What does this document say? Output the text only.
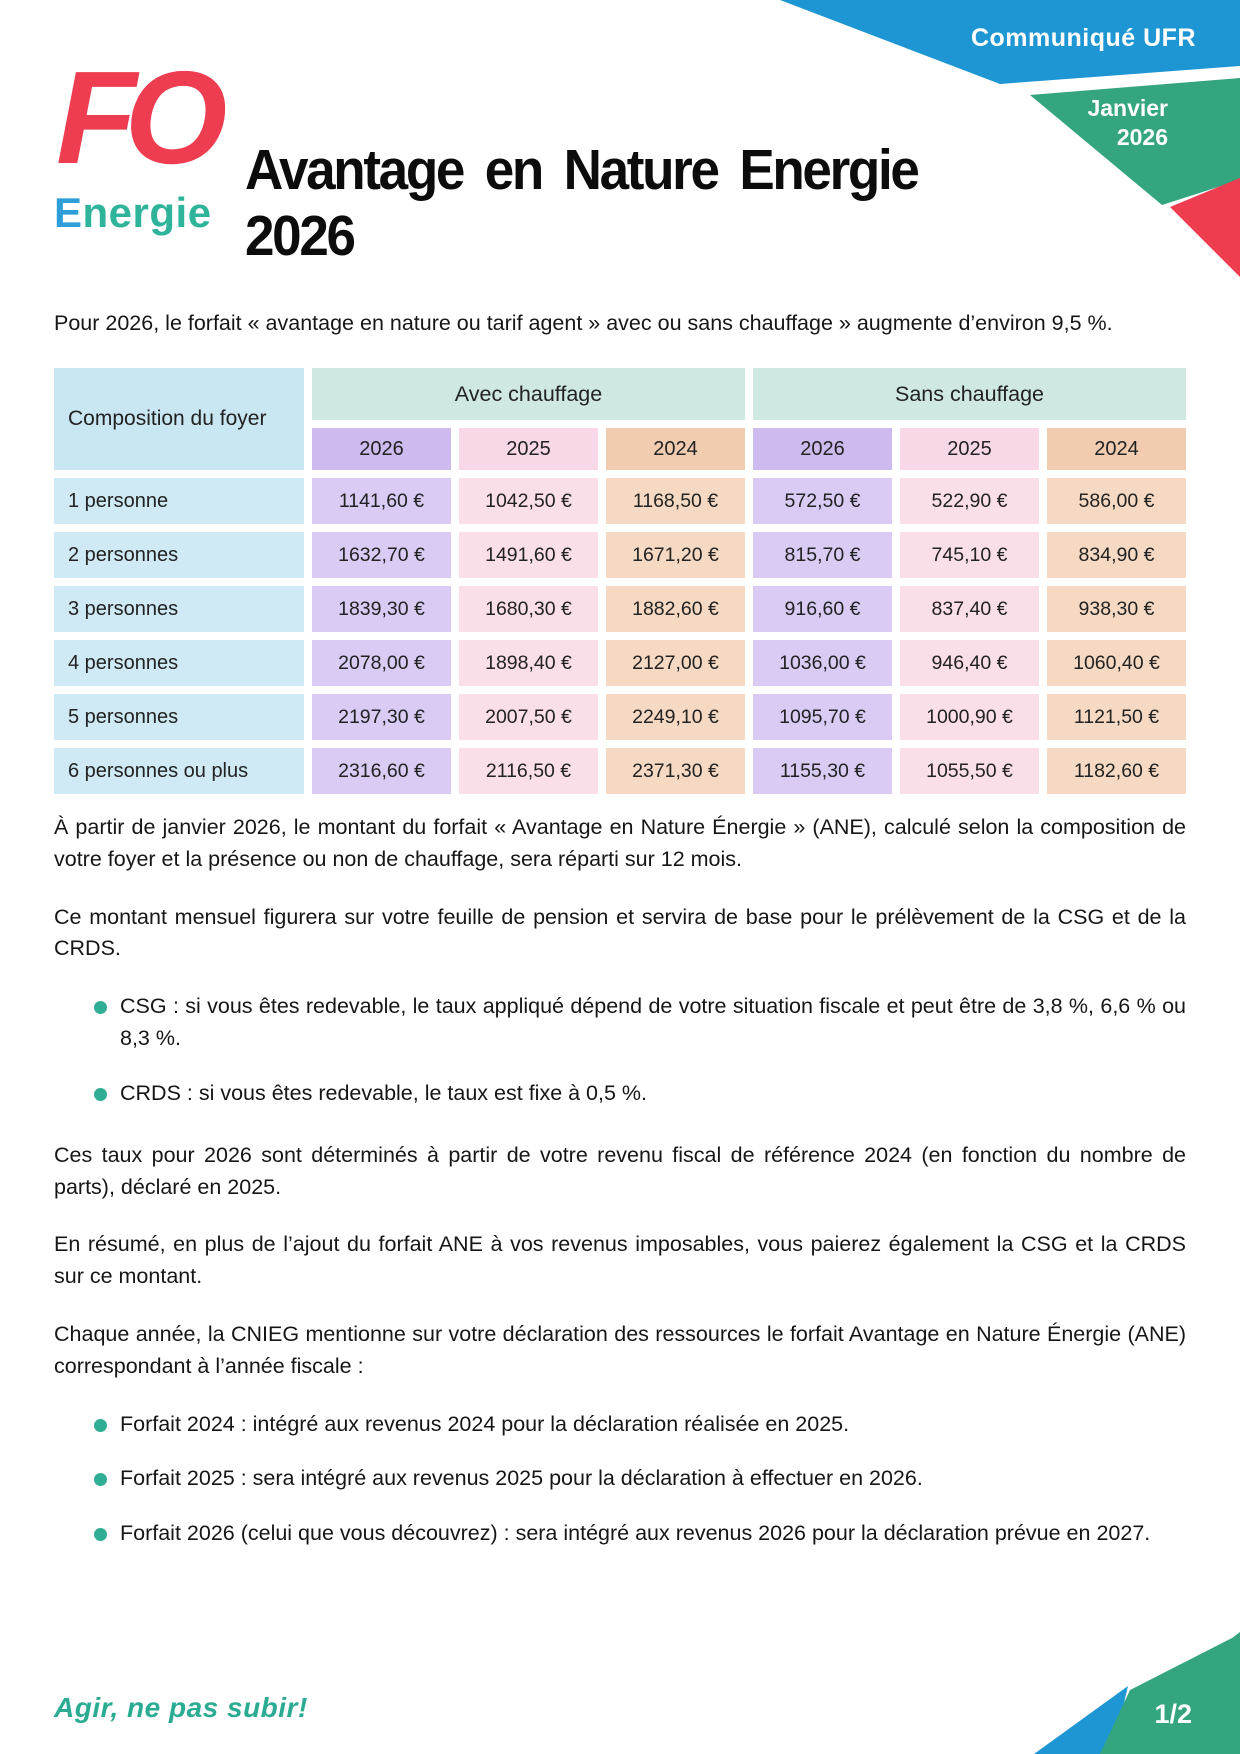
FO
Energie
Communiqué UFR
Janvier
2026
Avantage en Nature Energie
2026

Pour 2026, le forfait « avantage en nature ou tarif agent » avec ou sans chauffage » augmente d’environ 9,5 %.

Composition du foyer
Avec chauffage	Sans chauffage
2026	2025	2024	2026	2025	2024
1 personne	1141,60 €	1042,50 €	1168,50 €	572,50 €	522,90 €	586,00 €
2 personnes	1632,70 €	1491,60 €	1671,20 €	815,70 €	745,10 €	834,90 €
3 personnes	1839,30 €	1680,30 €	1882,60 €	916,60 €	837,40 €	938,30 €
4 personnes	2078,00 €	1898,40 €	2127,00 €	1036,00 €	946,40 €	1060,40 €
5 personnes	2197,30 €	2007,50 €	2249,10 €	1095,70 €	1000,90 €	1121,50 €
6 personnes ou plus	2316,60 €	2116,50 €	2371,30 €	1155,30 €	1055,50 €	1182,60 €

À partir de janvier 2026, le montant du forfait « Avantage en Nature Énergie » (ANE), calculé selon la composition de votre foyer et la présence ou non de chauffage, sera réparti sur 12 mois.

Ce montant mensuel figurera sur votre feuille de pension et servira de base pour le prélèvement de la CSG et de la CRDS.

CSG : si vous êtes redevable, le taux appliqué dépend de votre situation fiscale et peut être de 3,8 %, 6,6 % ou 8,3 %.
CRDS : si vous êtes redevable, le taux est fixe à 0,5 %.

Ces taux pour 2026 sont déterminés à partir de votre revenu fiscal de référence 2024 (en fonction du nombre de parts), déclaré en 2025.

En résumé, en plus de l’ajout du forfait ANE à vos revenus imposables, vous paierez également la CSG et la CRDS sur ce montant.

Chaque année, la CNIEG mentionne sur votre déclaration des ressources le forfait Avantage en Nature Énergie (ANE) correspondant à l’année fiscale :

Forfait 2024 : intégré aux revenus 2024 pour la déclaration réalisée en 2025.
Forfait 2025 : sera intégré aux revenus 2025 pour la déclaration à effectuer en 2026.
Forfait 2026 (celui que vous découvrez) : sera intégré aux revenus 2026 pour la déclaration prévue en 2027.
Agir, ne pas subir!	1/2
